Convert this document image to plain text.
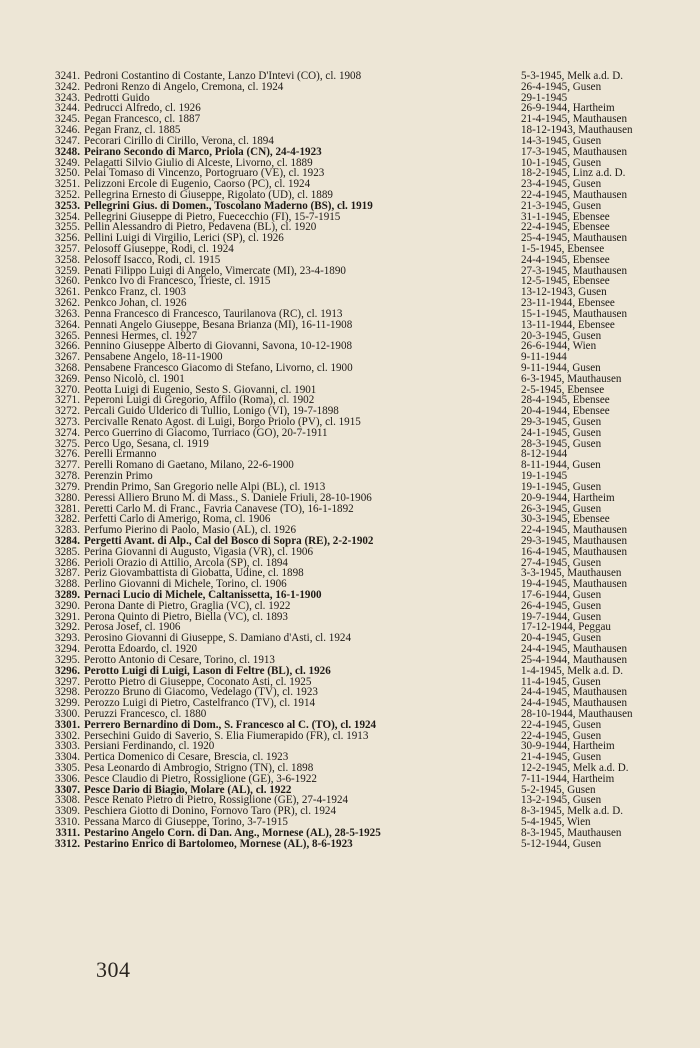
3241. Pedroni Costantino di Costante, Lanzo D'Intevi (CO), cl. 1908	5-3-1945, Melk a.d. D.
3242. Pedroni Renzo di Angelo, Cremona, cl. 1924	26-4-1945, Gusen
3243. Pedrotti Guido	29-1-1945
3244. Pedrucci Alfredo, cl. 1926	26-9-1944, Hartheim
3245. Pegan Francesco, cl. 1887	21-4-1945, Mauthausen
3246. Pegan Franz, cl. 1885	18-12-1943, Mauthausen
3247. Pecorari Cirillo di Cirillo, Verona, cl. 1894	14-3-1945, Gusen
3248. Peirano Secondo di Marco, Priola (CN), 24-4-1923	17-3-1945, Mauthausen
3249. Pelagatti Silvio Giulio di Alceste, Livorno, cl. 1889	10-1-1945, Gusen
3250. Pelai Tomaso di Vincenzo, Portogruaro (VE), cl. 1923	18-2-1945, Linz a.d. D.
3251. Pelizzoni Ercole di Eugenio, Caorso (PC), cl. 1924	23-4-1945, Gusen
3252. Pellegrina Ernesto di Giuseppe, Rigolato (UD), cl. 1889	22-4-1945, Mauthausen
3253. Pellegrini Gius. di Domen., Toscolano Maderno (BS), cl. 1919	21-3-1945, Gusen
3254. Pellegrini Giuseppe di Pietro, Fuececchio (FI), 15-7-1915	31-1-1945, Ebensee
3255. Pellin Alessandro di Pietro, Pedavena (BL), cl. 1920	22-4-1945, Ebensee
3256. Pellini Luigi di Virgilio, Lerici (SP), cl. 1926	25-4-1945, Mauthausen
3257. Pelosoff Giuseppe, Rodi, cl. 1924	1-5-1945, Ebensee
3258. Pelosoff Isacco, Rodi, cl. 1915	24-4-1945, Ebensee
3259. Penati Filippo Luigi di Angelo, Vimercate (MI), 23-4-1890	27-3-1945, Mauthausen
3260. Penkco Ivo di Francesco, Trieste, cl. 1915	12-5-1945, Ebensee
3261. Penkco Franz, cl. 1903	13-12-1943, Gusen
3262. Penkco Johan, cl. 1926	23-11-1944, Ebensee
3263. Penna Francesco di Francesco, Taurilanova (RC), cl. 1913	15-1-1945, Mauthausen
3264. Pennati Angelo Giuseppe, Besana Brianza (MI), 16-11-1908	13-11-1944, Ebensee
3265. Pennesi Hermes, cl. 1927	20-3-1945, Gusen
3266. Pennino Giuseppe Alberto di Giovanni, Savona, 10-12-1908	26-6-1944, Wien
3267. Pensabene Angelo, 18-11-1900	9-11-1944
3268. Pensabene Francesco Giacomo di Stefano, Livorno, cl. 1900	9-11-1944, Gusen
3269. Penso Nicolò, cl. 1901	6-3-1945, Mauthausen
3270. Peotta Luigi di Eugenio, Sesto S. Giovanni, cl. 1901	2-5-1945, Ebensee
3271. Peperoni Luigi di Gregorio, Affilo (Roma), cl. 1902	28-4-1945, Ebensee
3272. Percali Guido Ulderico di Tullio, Lonigo (VI), 19-7-1898	20-4-1944, Ebensee
3273. Percivalle Renato Agost. di Luigi, Borgo Priolo (PV), cl. 1915	29-3-1945, Gusen
3274. Perco Guerrino di Giacomo, Turriaco (GO), 20-7-1911	24-1-1945, Gusen
3275. Perco Ugo, Sesana, cl. 1919	28-3-1945, Gusen
3276. Perelli Ermanno	8-12-1944
3277. Perelli Romano di Gaetano, Milano, 22-6-1900	8-11-1944, Gusen
3278. Perenzin Primo	19-1-1945
3279. Prendin Primo, San Gregorio nelle Alpi (BL), cl. 1913	19-1-1945, Gusen
3280. Peressi Alliero Bruno M. di Mass., S. Daniele Friuli, 28-10-1906	20-9-1944, Hartheim
3281. Peretti Carlo M. di Franc., Favria Canavese (TO), 16-1-1892	26-3-1945, Gusen
3282. Perfetti Carlo di Amerigo, Roma, cl. 1906	30-3-1945, Ebensee
3283. Perfumo Pierino di Paolo, Masio (AL), cl. 1926	22-4-1945, Mauthausen
3284. Pergetti Avant. di Alp., Cal del Bosco di Sopra (RE), 2-2-1902	29-3-1945, Mauthausen
3285. Perina Giovanni di Augusto, Vigasia (VR), cl. 1906	16-4-1945, Mauthausen
3286. Perioli Orazio di Attilio, Arcola (SP), cl. 1894	27-4-1945, Gusen
3287. Periz Giovambattista di Giobatta, Udine, cl. 1898	3-3-1945, Mauthausen
3288. Perlino Giovanni di Michele, Torino, cl. 1906	19-4-1945, Mauthausen
3289. Pernaci Lucio di Michele, Caltanissetta, 16-1-1900	17-6-1944, Gusen
3290. Perona Dante di Pietro, Graglia (VC), cl. 1922	26-4-1945, Gusen
3291. Perona Quinto di Pietro, Biella (VC), cl. 1893	19-7-1944, Gusen
3292. Perosa Josef, cl. 1906	17-12-1944, Peggau
3293. Perosino Giovanni di Giuseppe, S. Damiano d'Asti, cl. 1924	20-4-1945, Gusen
3294. Perotta Edoardo, cl. 1920	24-4-1945, Mauthausen
3295. Perotto Antonio di Cesare, Torino, cl. 1913	25-4-1944, Mauthausen
3296. Perotto Luigi di Luigi, Lason di Feltre (BL), cl. 1926	1-4-1945, Melk a.d. D.
3297. Perotto Pietro di Giuseppe, Coconato Asti, cl. 1925	11-4-1945, Gusen
3298. Perozzo Bruno di Giacomo, Vedelago (TV), cl. 1923	24-4-1945, Mauthausen
3299. Perozzo Luigi di Pietro, Castelfranco (TV), cl. 1914	24-4-1945, Mauthausen
3300. Peruzzi Francesco, cl. 1880	28-10-1944, Mauthausen
3301. Perrero Bernardino di Dom., S. Francesco al C. (TO), cl. 1924	22-4-1945, Gusen
3302. Persechini Guido di Saverio, S. Elia Fiumerapido (FR), cl. 1913	22-4-1945, Gusen
3303. Persiani Ferdinando, cl. 1920	30-9-1944, Hartheim
3304. Pertica Domenico di Cesare, Brescia, cl. 1923	21-4-1945, Gusen
3305. Pesa Leonardo di Ambrogio, Strigno (TN), cl. 1898	12-2-1945, Melk a.d. D.
3306. Pesce Claudio di Pietro, Rossiglione (GE), 3-6-1922	7-11-1944, Hartheim
3307. Pesce Dario di Biagio, Molare (AL), cl. 1922	5-2-1945, Gusen
3308. Pesce Renato Pietro di Pietro, Rossiglione (GE), 27-4-1924	13-2-1945, Gusen
3309. Peschiera Giotto di Donino, Fornovo Taro (PR), cl. 1924	8-3-1945, Melk a.d. D.
3310. Pessana Marco di Giuseppe, Torino, 3-7-1915	5-4-1945, Wien
3311. Pestarino Angelo Corn. di Dan. Ang., Mornese (AL), 28-5-1925	8-3-1945, Mauthausen
3312. Pestarino Enrico di Bartolomeo, Mornese (AL), 8-6-1923	5-12-1944, Gusen
304
